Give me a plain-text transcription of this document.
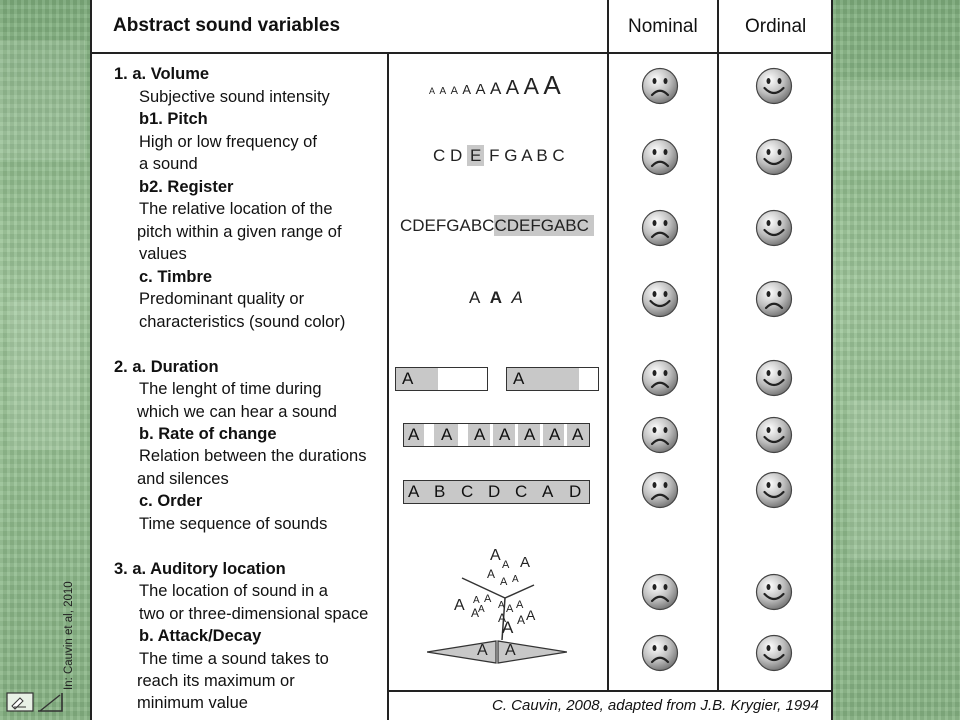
Abstract sound variables	Nominal Ordinal
1. a. Volume
Subjective sound intensity
b1. Pitch
High or low frequency of
a sound
b2. Register
The relative location of the
pitch within a given range of
values
c. Timbre
Predominant quality or
characteristics (sound color)
2. a. Duration
The lenght of time during
which we can hear a sound
b. Rate of change
Relation between the durations
and silences
c. Order
Time sequence of sounds
3. a. Auditory location
The location of sound in a
two or three-dimensional space
b. Attack/Decay
The time a sound takes to
reach its maximum or
minimum value
A A A A A A A A A
C D E F G A B C
CDEFGABCCDEFGABC
A A A
A	A
A A A A A A A
A B C D C A D
A
A A
A
A A
A A A
A
A
A A A
A A A
A
A A
C. Cauvin, 2008, adapted from J.B. Krygier, 1994
In: Cauvin et al, 2010
